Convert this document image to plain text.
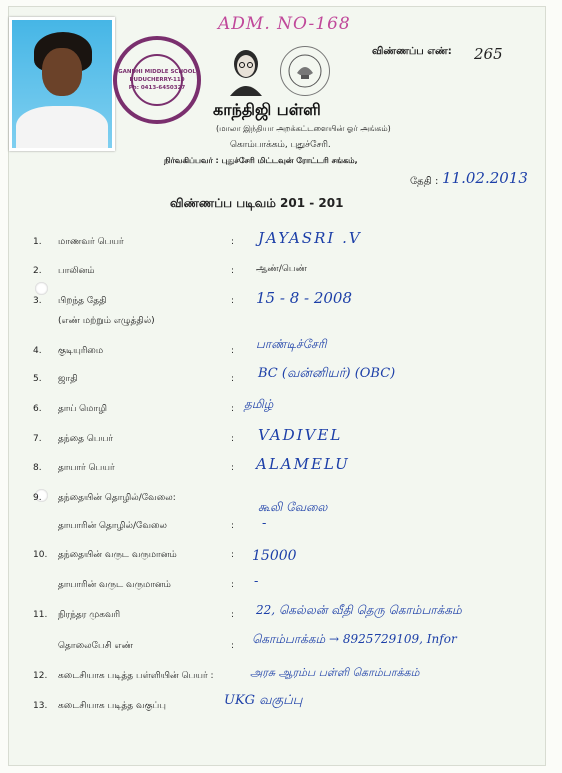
ADM. NO-168
GANDHI MIDDLE SCHOOL
PUDUCHERRY-110
Ph: 0413-6450327
விண்ணப்ப எண்: 265
காந்திஜி பள்ளி
(மாலா இந்தியா அறக்கட்டளையின் ஓர் அங்கம்)
கொம்பாக்கம், புதுச்சேரி.
நிர்வகிப்பவர் : புதுச்சேரி மிட்டவுன் ரோட்டரி சங்கம்,
தேதி : 11.02.2013
விண்ணப்ப படிவம் 201 - 201
1. மாணவர் பெயர்	: JAYASRI .V
2. பாலினம்	: ஆண்/பெண்
3. பிறந்த தேதி
(எண் மற்றும் எழுத்தில்)
: 15 - 8 - 2008
4. குடியுரிமை	: பாண்டிச்சேரி
5. ஜாதி	: BC (வன்னியர்) (OBC)
6. தாய் மொழி	: தமிழ்
7. தந்தை பெயர்	: VADIVEL
8. தாயார் பெயர்	: ALAMELU
9. தந்தையின் தொழில்/வேலை:
கூலி வேலை
தாயாரின் தொழில்/வேலை	: -
10. தந்தையின் வருட வருமானம்	: 15000
தாயாரின் வருட வருமானம்	: -
11. நிரந்தர முகவரி	: 22, கெல்லன் வீதி தெரு கொம்பாக்கம்
தொலைபேசி எண்	: கொம்பாக்கம் → 8925729109, Infor
12. கடைசியாக படித்த பள்ளியின் பெயர் :	அரசு ஆரம்ப பள்ளி கொம்பாக்கம்
13. கடைசியாக படித்த வகுப்பு	UKG வகுப்பு
